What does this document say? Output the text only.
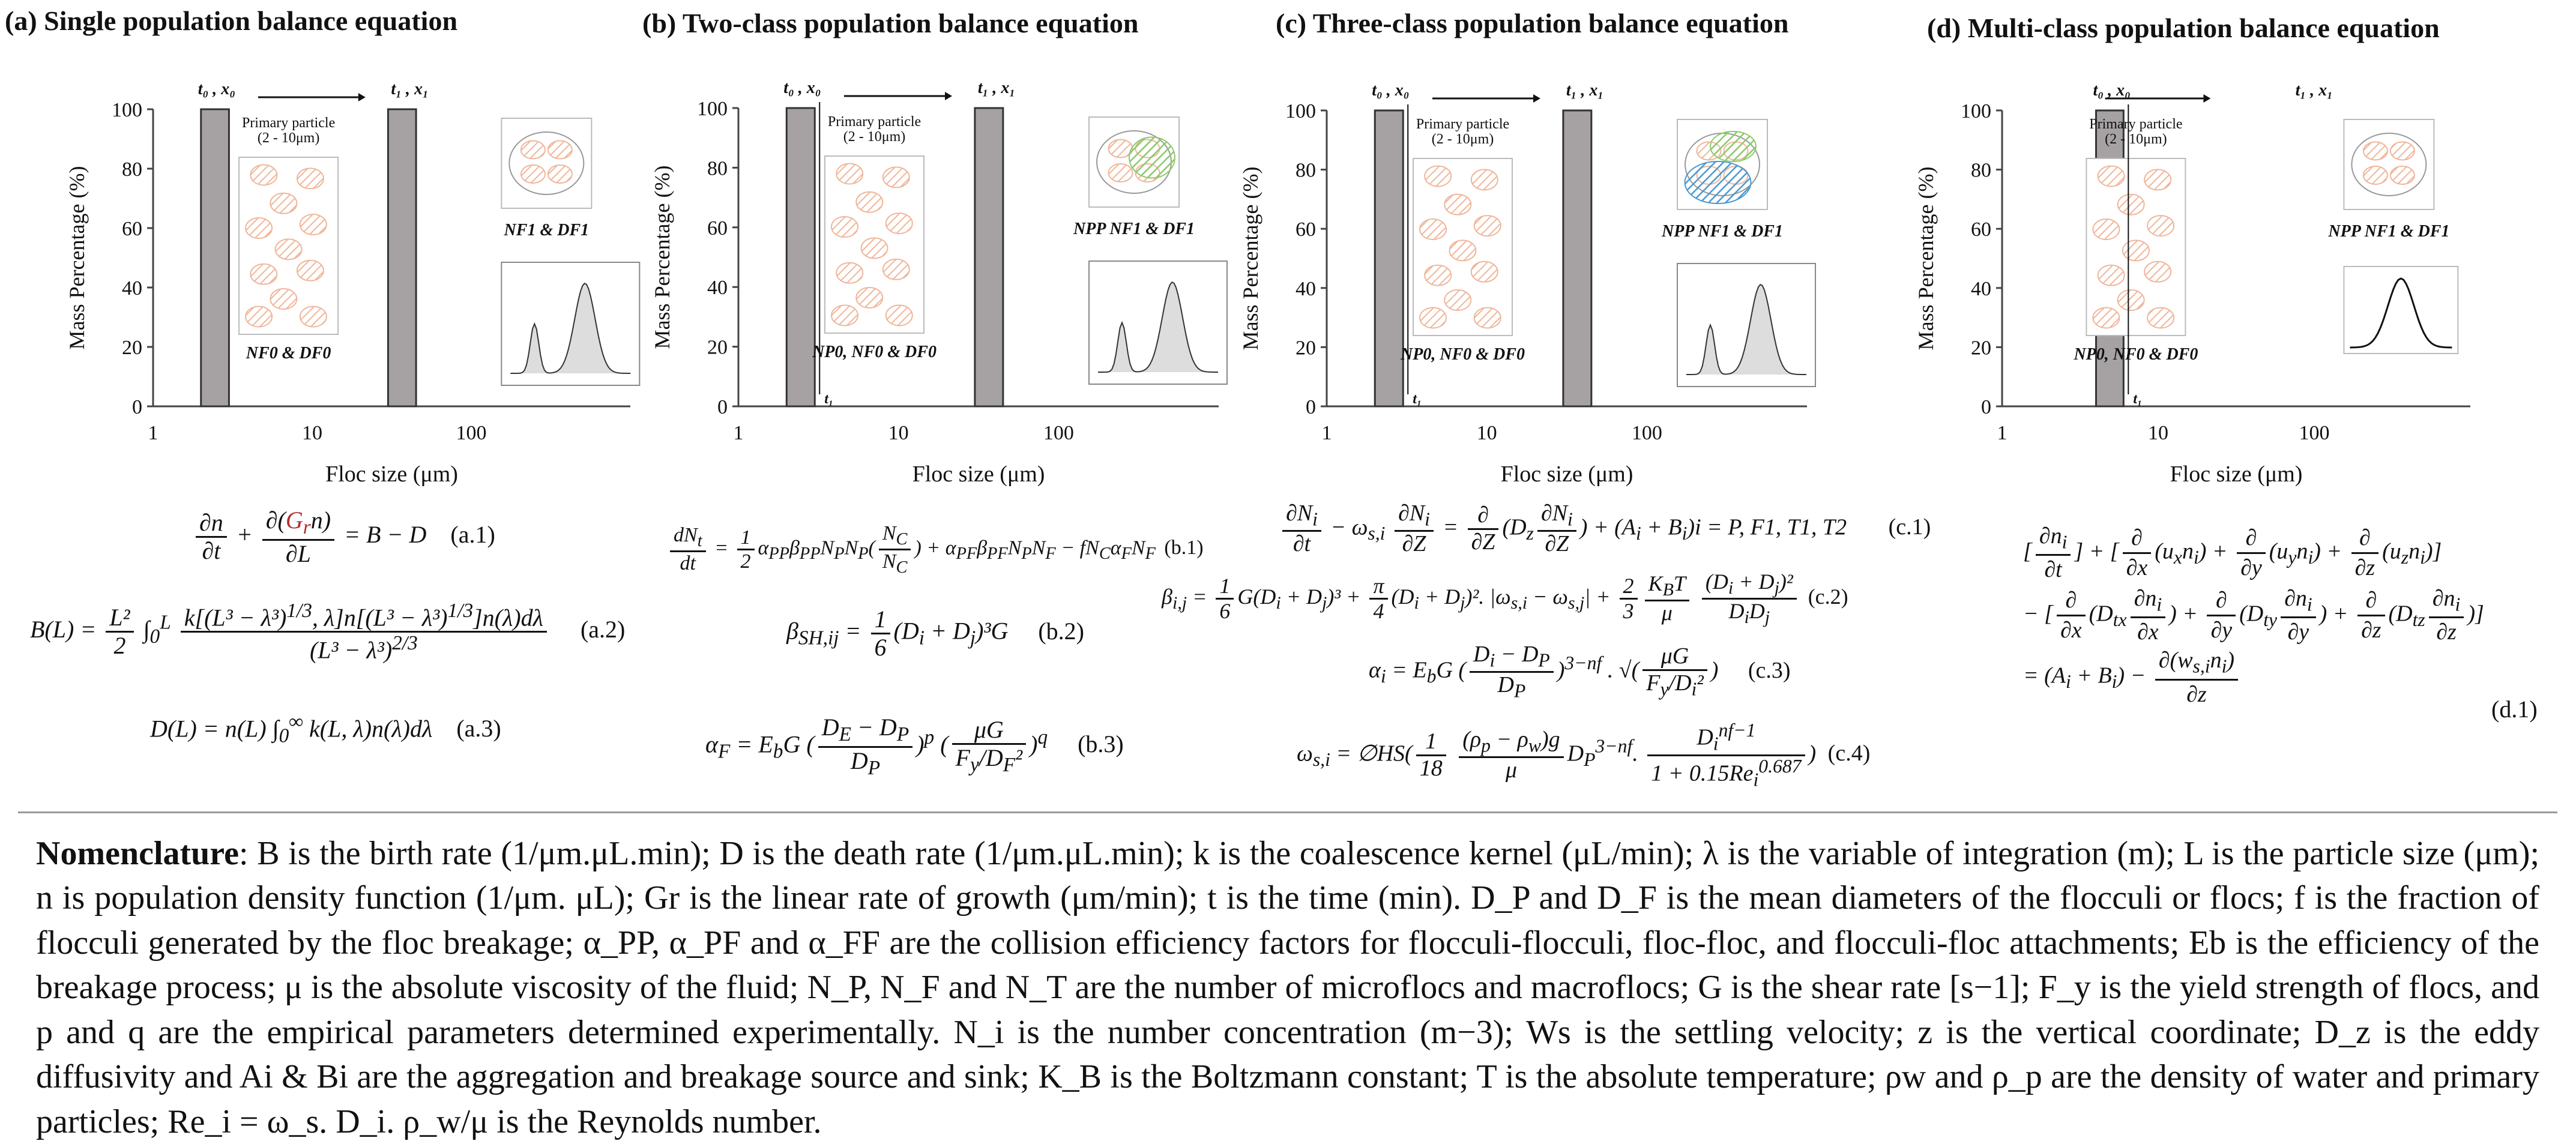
(a) Single population balance equation	(b) Two-class population balance equation	(c) Three-class population balance equation	(d) Multi-class population balance equation
0
20
40
60
80
100
1	10	100
Floc size (μm)
Mass Percentage (%)
t₀ , x₀	t₁ , x₁
Primary particle
(2 - 10μm)
NF0 & DF0
NF1 & DF1
0
20
40
60
80
100
1	10	100
Floc size (μm)
Mass Percentage (%)
t₀ , x₀	t₁ , x₁
Primary particle
(2 - 10μm)
NP0, NF0 & DF0
NPP NF1 & DF1
t₁	0
20
40
60
80
100
1	10	100
Floc size (μm)
Mass Percentage (%)
t₀ , x₀	t₁ , x₁
Primary particle
(2 - 10μm)
NP0, NF0 & DF0
NPP NF1 & DF1
t₁	0
20
40
60
80
100
1	10	100
Floc size (μm)
Mass Percentage (%)
t₀ , x₀	t₁ , x₁
Primary particle
(2 - 10μm)
NP0, NF0 & DF0
NPP NF1 & DF1
t₁
$\frac{\partial n}{\partial t} + \frac{\partial(G_rn)}{\partial L} = B - D$ (a.1)
$B(L) = \frac{\text{L²}}{2} \int_0^L \frac{k[(L^3 - \lambda^3)^{1/3}, \lambda]n[(L^3 - \lambda^3)^{1/3}]n(\lambda)d\lambda}{(L^3 - \lambda^3)^{2/3}} (a.2)$
D(L) = n(L) $\int_0^\infty$ k(L, λ)n(λ)dλ (a.3)
$\frac{dN_t}{dt} = \frac{1}{2} \alpha_{PP}\beta_{PP}N_PN_P( \frac{N_C}{N_C}$ ) + $\alpha_{PF}\beta_{PF}N_PN_F - fN_C\alpha_FN_F$ (b.1)
$\beta_{SH,ij} = \frac{1}{6} (D_i + D_j)^3G$ (b.2)
$\alpha_F = E_bG$ ( $\frac{D_E - D_P}{D_P} )^p$ ( $\frac{\mu G}{F_y/D_F^2} )^q$ (b.3)
$\frac{\partial N_i}{\partial t} - \omega_{s,i} \frac{\partial N_i}{\partial Z} = \frac{\partial}{\partial Z} (D_z \frac{\partial N_i}{\partial Z}$ ) + $(A_i + B_i)i = P$, F1, T1, T2 (c.1)
$\beta_{i,j} = \frac{1}{6} G(D_i + D_j)^3 + \frac{\pi}{4} (D_i + D_j)^2$. $|\omega_{s,i} - \omega_{s,j}| + \frac{2}{3} \frac{K_BT}{\mu}$
$\frac{(D_i + D_j)^2}{D_iD_j} (c.2)$
$\alpha_i = E_bG$ ( $\frac{D_i - D_P}{D_P} )^{3-nf}$ . √( $\frac{\mu G}{F_y/D_i^2}$ ) (c.3)
$\omega_{s,i}$ = ∅HS( $\frac{1}{18}$
$\frac{(\rho_p - \rho_w)g}{\mu} D_P^{3-nf}$. $\frac{D_i^{nf-1}}{1 + 0.15Re_i^{0.687}}$ ) (c.4)
[ $\frac{\partial n_i}{\partial t}$ ] + [ $\frac{\partial}{\partial x} (u_xn_i) + \frac{\partial}{\partial y} (u_yn_i) + \frac{\partial}{\partial z} (u_zn_i)$]
− [ $\frac{\partial}{\partial x} (D_{tx} \frac{\partial n_i}{\partial x}$ ) + $\frac{\partial}{\partial y} (D_{ty} \frac{\partial n_i}{\partial y}$ ) + $\frac{\partial}{\partial z} (D_{tz} \frac{\partial n_i}{\partial z}$ )]
= $(A_i + B_i) - \frac{\partial(w_{s,i}n_i)}{\partial z}$
(d.1)
Nomenclature: B is the birth rate (1/μm.μL.min); D is the death rate (1/μm.μL.min); k is the coalescence kernel (μL/min); λ is the variable of integration (m); L is the particle size (μm); n is population density function (1/μm. μL); Gr is the linear rate of growth (μm/min); t is the time (min). D_P and D_F is the mean diameters of the flocculi or flocs; f is the fraction of flocculi generated by the floc breakage; α_PP, α_PF and α_FF are the collision efficiency factors for flocculi-flocculi, floc-floc, and flocculi-floc attachments; Eb is the efficiency of the breakage process; μ is the absolute viscosity of the fluid; N_P, N_F and N_T are the number of microflocs and macroflocs; G is the shear rate [s−1]; F_y is the yield strength of flocs, and p and q are the empirical parameters determined experimentally. N_i is the number concentration (m−3); Ws is the settling velocity; z is the vertical coordinate; D_z is the eddy diffusivity and Ai & Bi are the aggregation and breakage source and sink; K_B is the Boltzmann constant; T is the absolute temperature; ρw and ρ_p are the density of water and primary particles; Re_i = ω_s. D_i. ρ_w/μ is the Reynolds number.
